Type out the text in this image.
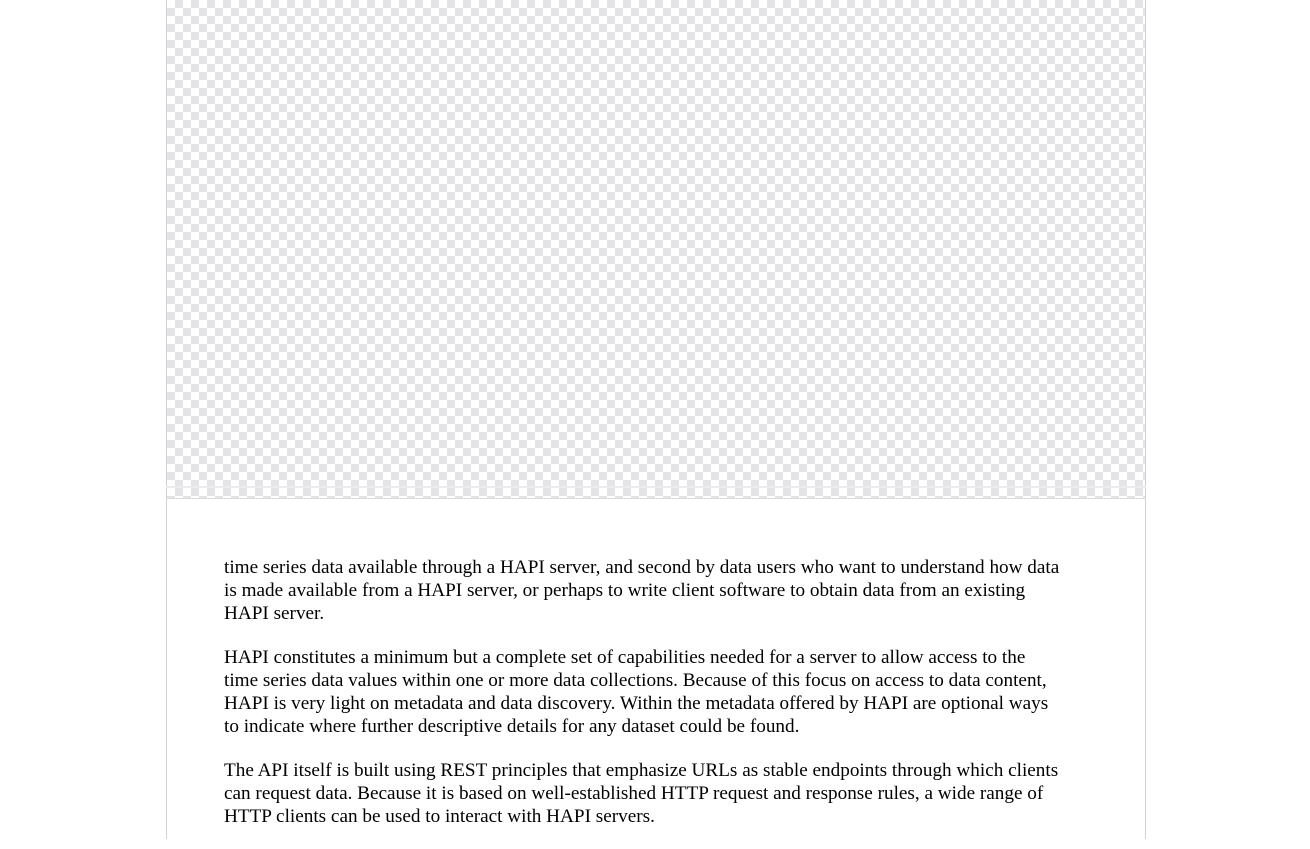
time series data available through a HAPI server, and second by data users who want to understand how data
is made available from a HAPI server, or perhaps to write client software to obtain data from an existing
HAPI server.

HAPI constitutes a minimum but a complete set of capabilities needed for a server to allow access to the
time series data values within one or more data collections. Because of this focus on access to data content,
HAPI is very light on metadata and data discovery. Within the metadata offered by HAPI are optional ways
to indicate where further descriptive details for any dataset could be found.

The API itself is built using REST principles that emphasize URLs as stable endpoints through which clients
can request data. Because it is based on well-established HTTP request and response rules, a wide range of
HTTP clients can be used to interact with HAPI servers.
